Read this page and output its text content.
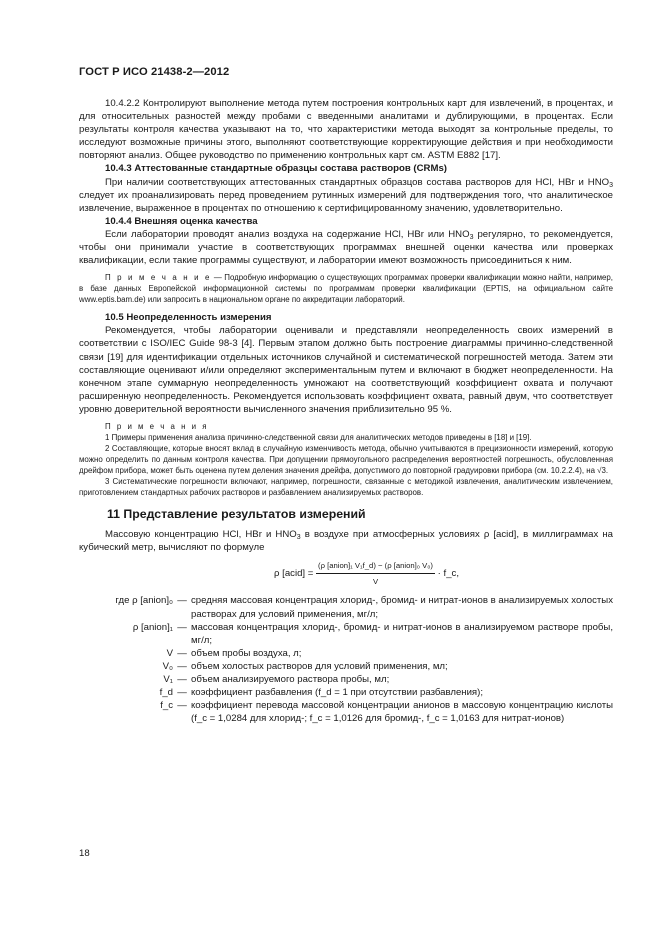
ГОСТ Р ИСО 21438-2—2012

10.4.2.2 Контролируют выполнение метода путем построения контрольных карт для извлечений, в процентах, и для относительных разностей между пробами с введенными аналитами и дублирующими, в процентах. Если результаты контроля качества указывают на то, что характеристики метода выходят за контрольные пределы, то исследуют возможные причины этого, выполняют соответствующие корректирующие действия и при необходимости повторяют анализ. Общее руководство по применению контрольных карт см. ASTM E882 [17].

10.4.3 Аттестованные стандартные образцы состава растворов (CRMs)

При наличии соответствующих аттестованных стандартных образцов состава растворов для HCl, HBr и $HNO_3$ следует их проанализировать перед проведением рутинных измерений для подтверждения того, что аналитическое извлечение, выраженное в процентах по отношению к сертифицированному значению, удовлетворительно.

10.4.4 Внешняя оценка качества

Если лаборатории проводят анализ воздуха на содержание HCl, HBr или $HNO_3$ регулярно, то рекомендуется, чтобы они принимали участие в соответствующих программах внешней оценки качества или проверках квалификации, если такие программы существуют, и лаборатории имеют возможность присоединиться к ним.

П р и м е ч а н и е — Подробную информацию о существующих программах проверки квалификации можно найти, например, в базе данных Европейской информационной системы по программам проверки квалификации (EPTIS, на официальном сайте www.eptis.bam.de) или запросить в национальном органе по аккредитации лабораторий.

10.5 Неопределенность измерения

Рекомендуется, чтобы лаборатории оценивали и представляли неопределенность своих измерений в соответствии с ISO/IEC Guide 98-3 [4]. Первым этапом должно быть построение диаграммы причинно-следственной связи [19] для идентификации отдельных источников случайной и систематической погрешностей метода. Затем эти составляющие оценивают и/или определяют экспериментальным путем и включают в бюджет неопределенности. На конечном этапе суммарную неопределенность умножают на соответствующий коэффициент охвата и получают расширенную неопределенность. Рекомендуется использовать коэффициент охвата, равный двум, что соответствует уровню доверительной вероятности вычисленного значения приблизительно 95 %.

П р и м е ч а н и я

1 Примеры применения анализа причинно-следственной связи для аналитических методов приведены в [18] и [19].

2 Составляющие, которые вносят вклад в случайную изменчивость метода, обычно учитываются в прецизионности измерений, которую можно определить по данным контроля качества. При допущении прямоугольного распределения вероятностей погрешность, обусловленная дрейфом прибора, может быть оценена путем деления значения дрейфа, допустимого до повторной градуировки прибора (см. 10.2.2.4), на √3.

3 Систематические погрешности включают, например, погрешности, связанные с методикой извлечения, аналитическим извлечением, приготовлением стандартных рабочих растворов и разбавлением анализируемых растворов.

11 Представление результатов измерений

Массовую концентрацию HCl, HBr и $HNO_3$ в воздухе при атмосферных условиях ρ [acid], в миллиграммах на кубический метр, вычисляют по формуле

ρ [acid] = $\frac{\text{(ρ [anion]₁ V₁f\_d) − (ρ [anion]₀ V₀)}}{V}$ · f_c,
где ρ [anion]₀ — средняя массовая концентрация хлорид-, бромид- и нитрат-ионов в анализируемых холостых растворах для условий применения, мг/л;
ρ [anion]₁ — массовая концентрация хлорид-, бромид- и нитрат-ионов в анализируемом растворе пробы, мг/л;
V — объем пробы воздуха, л;
V₀ — объем холостых растворов для условий применения, мл;
V₁ — объем анализируемого раствора пробы, мл;
f_d — коэффициент разбавления (f_d = 1 при отсутствии разбавления);
f_c — коэффициент перевода массовой концентрации анионов в массовую концентрацию кислоты (f_c = 1,0284 для хлорид-; f_c = 1,0126 для бромид-, f_c = 1,0163 для нитрат-ионов)
18
